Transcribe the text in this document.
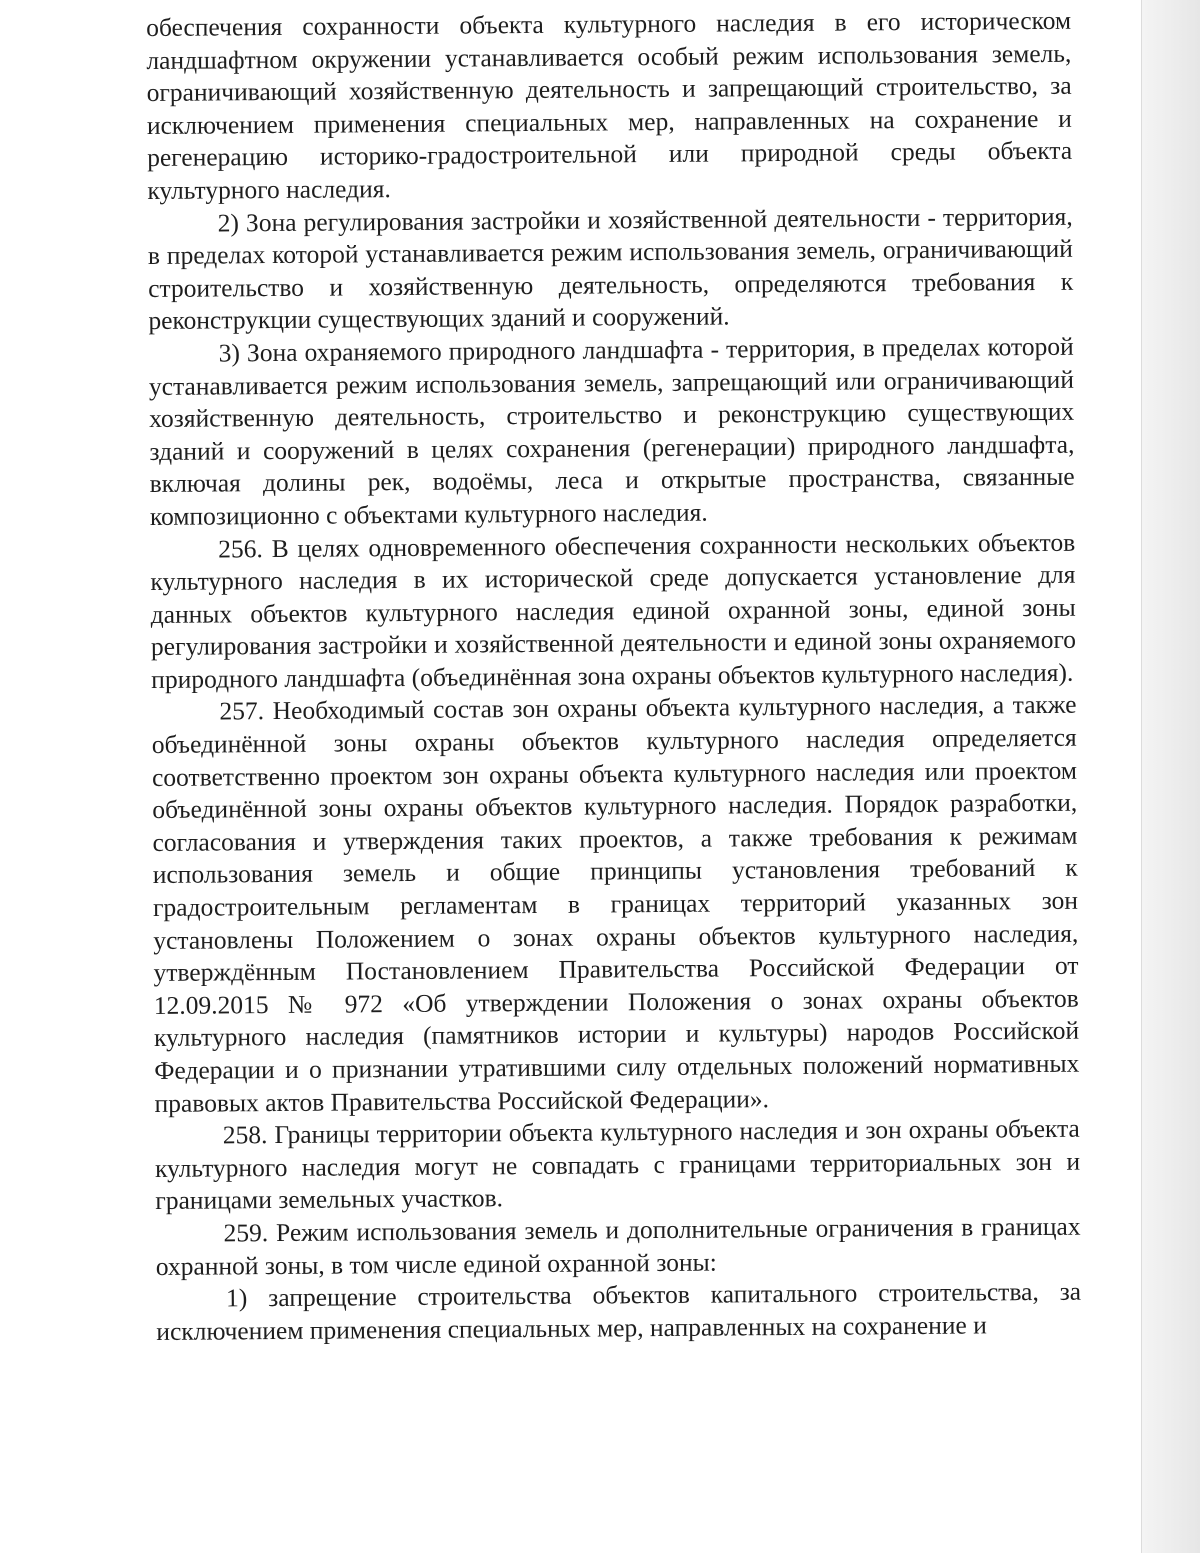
обеспечения сохранности объекта культурного наследия в его историческом ландшафтном окружении устанавливается особый режим использования земель, ограничивающий хозяйственную деятельность и запрещающий строительство, за исключением применения специальных мер, направленных на сохранение и регенерацию историко-градостроительной или природной среды объекта культурного наследия.

2) Зона регулирования застройки и хозяйственной деятельности - территория, в пределах которой устанавливается режим использования земель, ограничивающий строительство и хозяйственную деятельность, определяются требования к реконструкции существующих зданий и сооружений.

3) Зона охраняемого природного ландшафта - территория, в пределах которой устанавливается режим использования земель, запрещающий или ограничивающий хозяйственную деятельность, строительство и реконструкцию существующих зданий и сооружений в целях сохранения (регенерации) природного ландшафта, включая долины рек, водоёмы, леса и открытые пространства, связанные композиционно с объектами культурного наследия.

256. В целях одновременного обеспечения сохранности нескольких объектов культурного наследия в их исторической среде допускается установление для данных объектов культурного наследия единой охранной зоны, единой зоны регулирования застройки и хозяйственной деятельности и единой зоны охраняемого природного ландшафта (объединённая зона охраны объектов культурного наследия).

257. Необходимый состав зон охраны объекта культурного наследия, а также объединённой зоны охраны объектов культурного наследия определяется соответственно проектом зон охраны объекта культурного наследия или проектом объединённой зоны охраны объектов культурного наследия. Порядок разработки, согласования и утверждения таких проектов, а также требования к режимам использования земель и общие принципы установления требований к градостроительным регламентам в границах территорий указанных зон установлены Положением о зонах охраны объектов культурного наследия, утверждённым Постановлением Правительства Российской Федерации от 12.09.2015 № 972 «Об утверждении Положения о зонах охраны объектов культурного наследия (памятников истории и культуры) народов Российской Федерации и о признании утратившими силу отдельных положений нормативных правовых актов Правительства Российской Федерации».

258. Границы территории объекта культурного наследия и зон охраны объекта культурного наследия могут не совпадать с границами территориальных зон и границами земельных участков.

259. Режим использования земель и дополнительные ограничения в границах охранной зоны, в том числе единой охранной зоны:

1) запрещение строительства объектов капитального строительства, за исключением применения специальных мер, направленных на сохранение и
